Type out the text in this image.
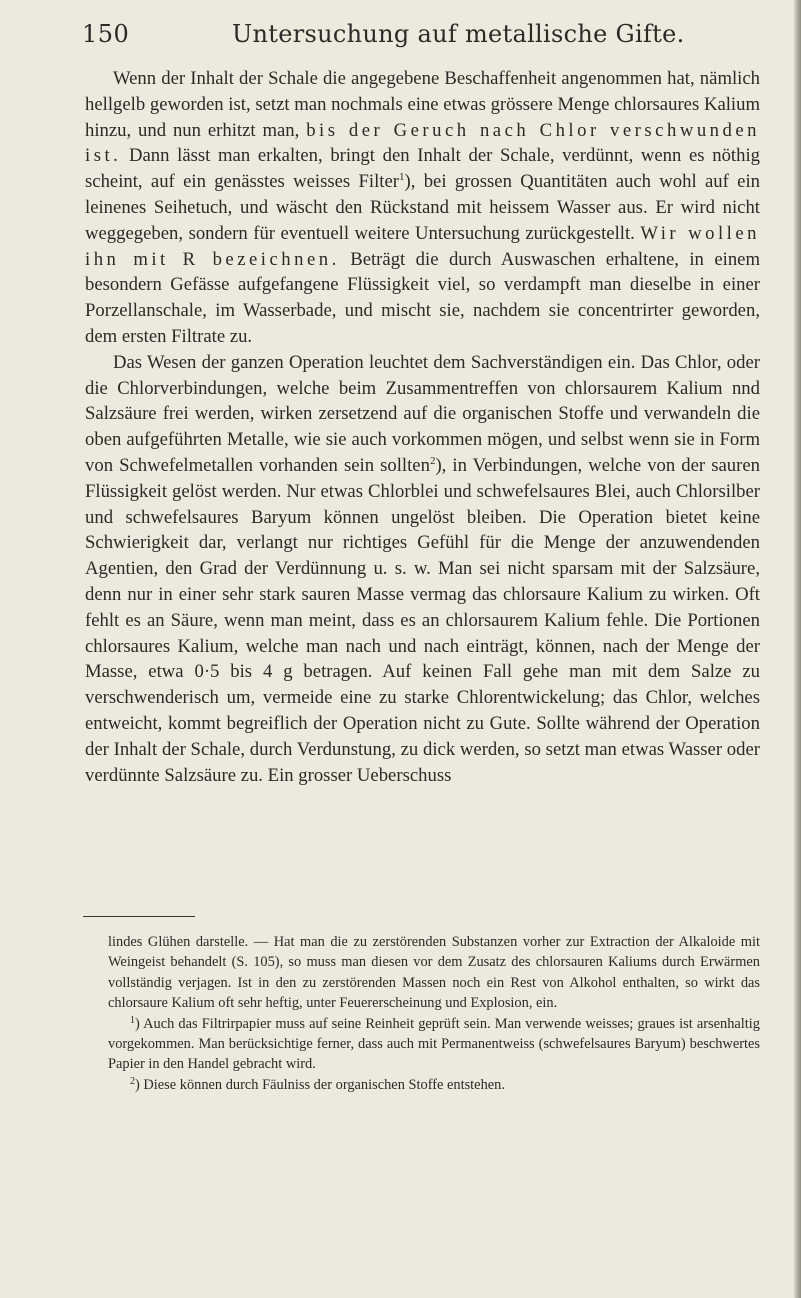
150	Untersuchung auf metallische Gifte.

Wenn der Inhalt der Schale die angegebene Beschaffenheit angenommen hat, nämlich hellgelb geworden ist, setzt man nochmals eine etwas grössere Menge chlorsaures Kalium hinzu, und nun erhitzt man, bis der Geruch nach Chlor verschwunden ist. Dann lässt man erkalten, bringt den Inhalt der Schale, verdünnt, wenn es nöthig scheint, auf ein genässtes weisses Filter$^1$), bei grossen Quantitäten auch wohl auf ein leinenes Seihetuch, und wäscht den Rückstand mit heissem Wasser aus. Er wird nicht weggegeben, sondern für eventuell weitere Untersuchung zurückgestellt. Wir wollen ihn mit R bezeichnen. Beträgt die durch Auswaschen erhaltene, in einem besondern Gefässe aufgefangene Flüssigkeit viel, so verdampft man dieselbe in einer Porzellanschale, im Wasserbade, und mischt sie, nachdem sie concentrirter geworden, dem ersten Filtrate zu.

Das Wesen der ganzen Operation leuchtet dem Sachverständigen ein. Das Chlor, oder die Chlorverbindungen, welche beim Zusammentreffen von chlorsaurem Kalium nnd Salzsäure frei werden, wirken zersetzend auf die organischen Stoffe und verwandeln die oben aufgeführten Metalle, wie sie auch vorkommen mögen, und selbst wenn sie in Form von Schwefelmetallen vorhanden sein sollten$^2$), in Verbindungen, welche von der sauren Flüssigkeit gelöst werden. Nur etwas Chlorblei und schwefelsaures Blei, auch Chlorsilber und schwefelsaures Baryum können ungelöst bleiben. Die Operation bietet keine Schwierigkeit dar, verlangt nur richtiges Gefühl für die Menge der anzuwendenden Agentien, den Grad der Verdünnung u. s. w. Man sei nicht sparsam mit der Salzsäure, denn nur in einer sehr stark sauren Masse vermag das chlorsaure Kalium zu wirken. Oft fehlt es an Säure, wenn man meint, dass es an chlorsaurem Kalium fehle. Die Portionen chlorsaures Kalium, welche man nach und nach einträgt, können, nach der Menge der Masse, etwa 0·5 bis 4 g betragen. Auf keinen Fall gehe man mit dem Salze zu verschwenderisch um, vermeide eine zu starke Chlorentwickelung; das Chlor, welches entweicht, kommt begreiflich der Operation nicht zu Gute. Sollte während der Operation der Inhalt der Schale, durch Verdunstung, zu dick werden, so setzt man etwas Wasser oder verdünnte Salzsäure zu. Ein grosser Ueberschuss

lindes Glühen darstelle. — Hat man die zu zerstörenden Substanzen vorher zur Extraction der Alkaloide mit Weingeist behandelt (S. 105), so muss man diesen vor dem Zusatz des chlorsauren Kaliums durch Erwärmen vollständig verjagen. Ist in den zu zerstörenden Massen noch ein Rest von Alkohol enthalten, so wirkt das chlorsaure Kalium oft sehr heftig, unter Feuererscheinung und Explosion, ein.

$^1$) Auch das Filtrirpapier muss auf seine Reinheit geprüft sein. Man verwende weisses; graues ist arsenhaltig vorgekommen. Man berücksichtige ferner, dass auch mit Permanentweiss (schwefelsaures Baryum) beschwertes Papier in den Handel gebracht wird.

$^2$) Diese können durch Fäulniss der organischen Stoffe entstehen.
